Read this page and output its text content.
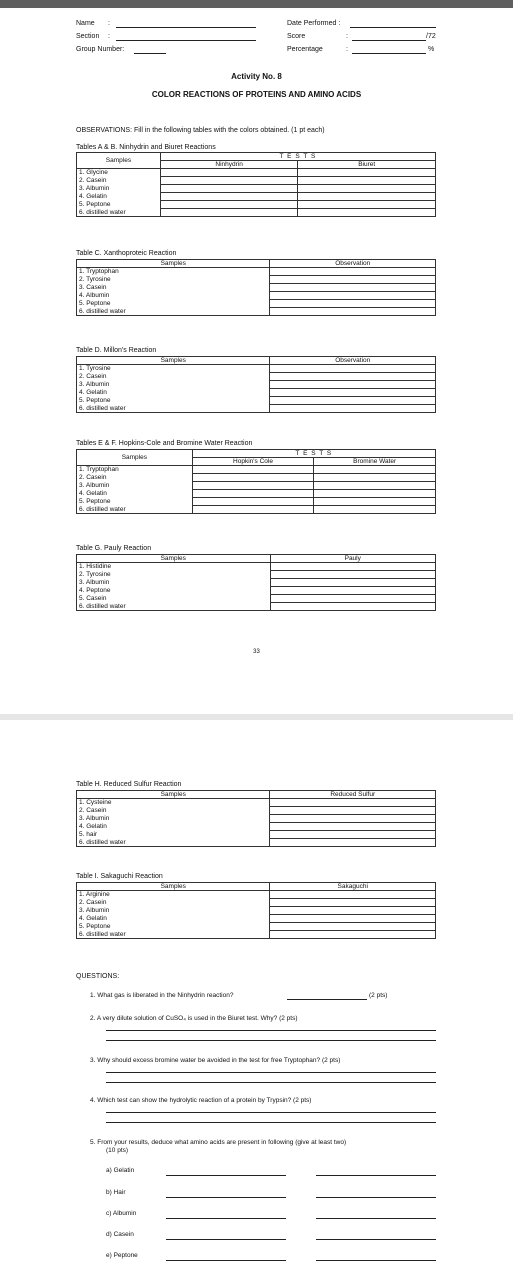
Name :
Section :
Group Number:
Date Performed :
Score	:	/72
Percentage	:	%
Activity No. 8
COLOR REACTIONS OF PROTEINS AND AMINO ACIDS
OBSERVATIONS: Fill in the following tables with the colors obtained. (1 pt each)
Tables A & B. Ninhydrin and Biuret Reactions
Samples	T E S T S	
	Ninhydrin	Biuret
1. Glycine		
2. Casein		
3. Albumin		
4. Gelatin		
5. Peptone		
6. distilled water		
Table C. Xanthoproteic Reaction
Samples	Observation
1. Tryptophan	
2. Tyrosine	
3. Casein	
4. Albumin	
5. Peptone	
6. distilled water	
Table D. Millon's Reaction
Samples	Observation
1. Tyrosine	
2. Casein	
3. Albumin	
4. Gelatin	
5. Peptone	
6. distilled water	
Tables E & F. Hopkins-Cole and Bromine Water Reaction
Samples	T E S T S	
	Hopkin's Cole	Bromine Water
1. Tryptophan		
2. Casein		
3. Albumin		
4. Gelatin		
5. Peptone		
6. distilled water		
Table G. Pauly Reaction
Samples	Pauly
1. Histidine	
2. Tyrosine	
3. Albumin	
4. Peptone	
5. Casein	
6. distilled water	
33
Table H. Reduced Sulfur Reaction
Samples	Reduced Sulfur
1. Cysteine	
2. Casein	
3. Albumin	
4. Gelatin	
5. hair	
6. distilled water	
Table I. Sakaguchi Reaction
Samples	Sakaguchi
1. Arginine	
2. Casein	
3. Albumin	
4. Gelatin	
5. Peptone	
6. distilled water	
QUESTIONS:
1. What gas is liberated in the Ninhydrin reaction?	(2 pts)
2. A very dilute solution of CuSO₄ is used in the Biuret test. Why? (2 pts)
3. Why should excess bromine water be avoided in the test for free Tryptophan? (2 pts)
4. Which test can show the hydrolytic reaction of a protein by Trypsin? (2 pts)
5. From your results, deduce what amino acids are present in following (give at least two)
(10 pts)
a) Gelatin
b) Hair
c) Albumin
d) Casein
e) Peptone
